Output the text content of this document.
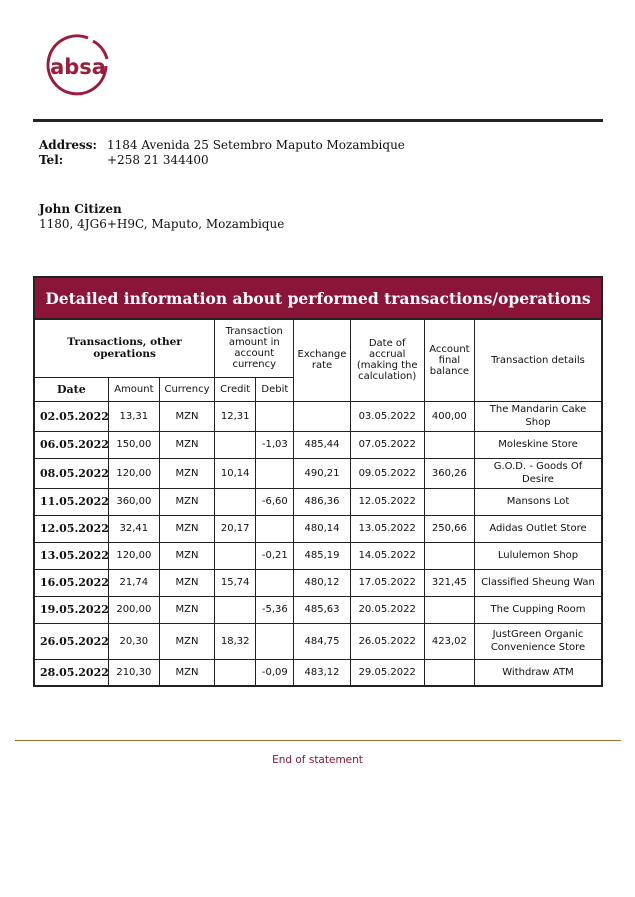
absa
Address: 1184 Avenida 25 Setembro Maputo Mozambique
Tel:	+258 21 344400
John Citizen
1180, 4JG6+H9C, Maputo, Mozambique
Detailed information about performed transactions/operations
Transactions, other operations			Transaction amount in account currency		Exchange rate	Date of accrual (making the calculation)	Account final balance	Transaction details
Date	Amount	Currency	Credit	Debit				
02.05.2022	13,31	MZN	12,31			03.05.2022	400,00	The Mandarin Cake Shop
06.05.2022	150,00	MZN		-1,03	485,44	07.05.2022		Moleskine Store
08.05.2022	120,00	MZN	10,14		490,21	09.05.2022	360,26	G.O.D. - Goods Of Desire
11.05.2022	360,00	MZN		-6,60	486,36	12.05.2022		Mansons Lot
12.05.2022	32,41	MZN	20,17		480,14	13.05.2022	250,66	Adidas Outlet Store
13.05.2022	120,00	MZN		-0,21	485,19	14.05.2022		Lululemon Shop
16.05.2022	21,74	MZN	15,74		480,12	17.05.2022	321,45	Classified Sheung Wan
19.05.2022	200,00	MZN		-5,36	485,63	20.05.2022		The Cupping Room
26.05.2022	20,30	MZN	18,32		484,75	26.05.2022	423,02	JustGreen Organic Convenience Store
28.05.2022	210,30	MZN		-0,09	483,12	29.05.2022		Withdraw ATM
End of statement
